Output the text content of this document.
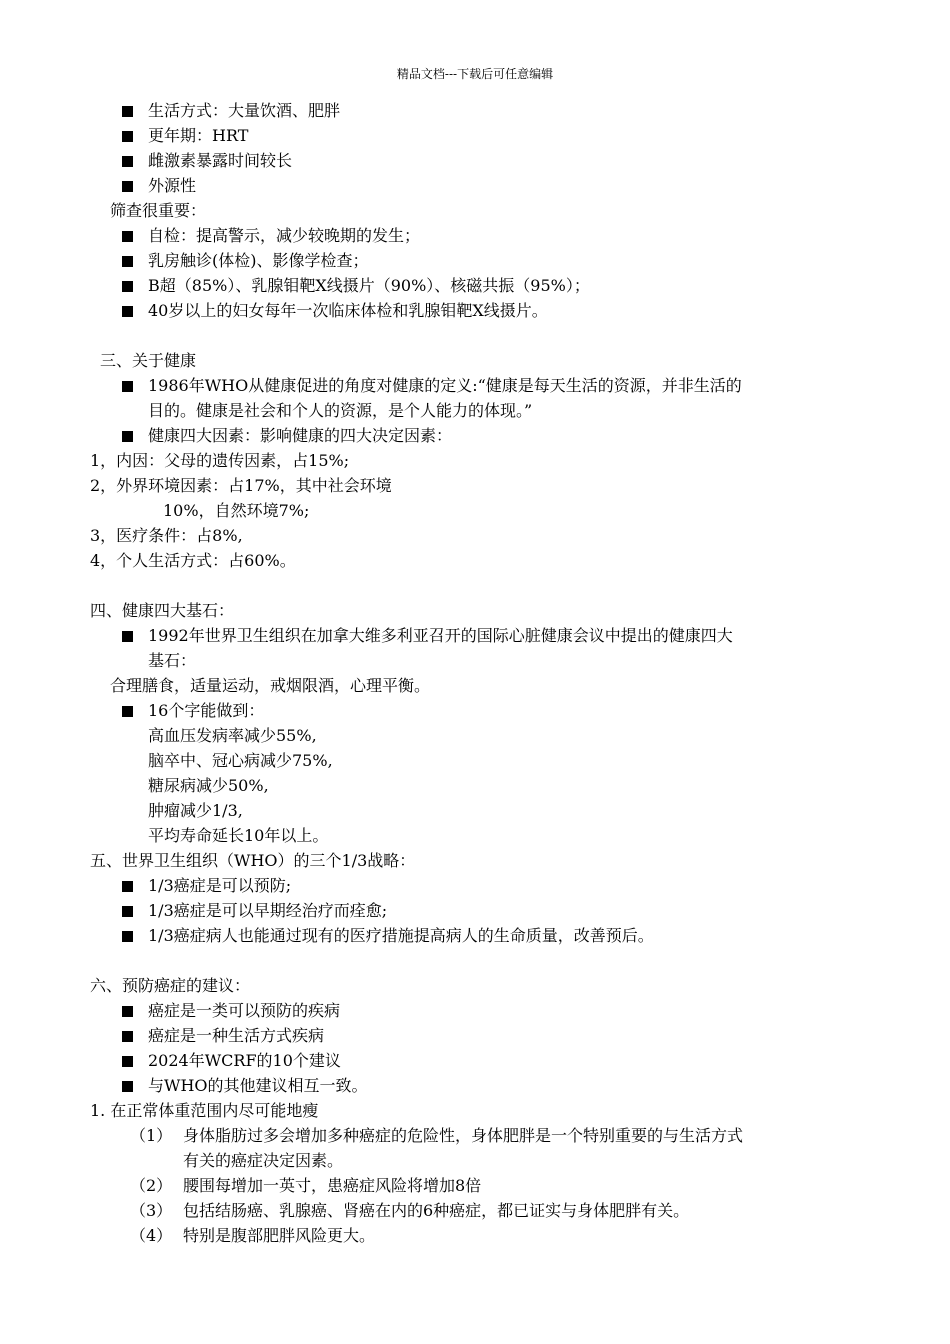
精品文档---下载后可任意编辑
生活方式：大量饮酒、肥胖
更年期：HRT
雌激素暴露时间较长
外源性
筛查很重要：
自检：提高警示，减少较晚期的发生；
乳房触诊(体检)、影像学检查；
B超（85%）、乳腺钼靶X线摄片（90%）、核磁共振（95%）；
40岁以上的妇女每年一次临床体检和乳腺钼靶X线摄片。
三、关于健康
1986年WHO从健康促进的角度对健康的定义:“健康是每天生活的资源，并非生活的
目的。健康是社会和个人的资源，是个人能力的体现。”
健康四大因素：影响健康的四大决定因素：
1，内因：父母的遗传因素，占15%;
2，外界环境因素：占17%，其中社会环境
10%，自然环境7%;
3，医疗条件：占8%,
4，个人生活方式：占60%。
四、健康四大基石：
1992年世界卫生组织在加拿大维多利亚召开的国际心脏健康会议中提出的健康四大
基石：
合理膳食，适量运动，戒烟限酒，心理平衡。
16个字能做到：
高血压发病率减少55%,
脑卒中、冠心病减少75%,
糖尿病减少50%,
肿瘤减少1/3,
平均寿命延长10年以上。
五、世界卫生组织（WHO）的三个1/3战略：
1/3癌症是可以预防;
1/3癌症是可以早期经治疗而痊愈;
1/3癌症病人也能通过现有的医疗措施提高病人的生命质量，改善预后。
六、预防癌症的建议：
癌症是一类可以预防的疾病
癌症是一种生活方式疾病
2024年WCRF的10个建议
与WHO的其他建议相互一致。
1. 在正常体重范围内尽可能地瘦
（1） 身体脂肪过多会增加多种癌症的危险性，身体肥胖是一个特别重要的与生活方式
有关的癌症决定因素。
（2） 腰围每增加一英寸，患癌症风险将增加8倍
（3） 包括结肠癌、乳腺癌、肾癌在内的6种癌症，都已证实与身体肥胖有关。
（4） 特别是腹部肥胖风险更大。
